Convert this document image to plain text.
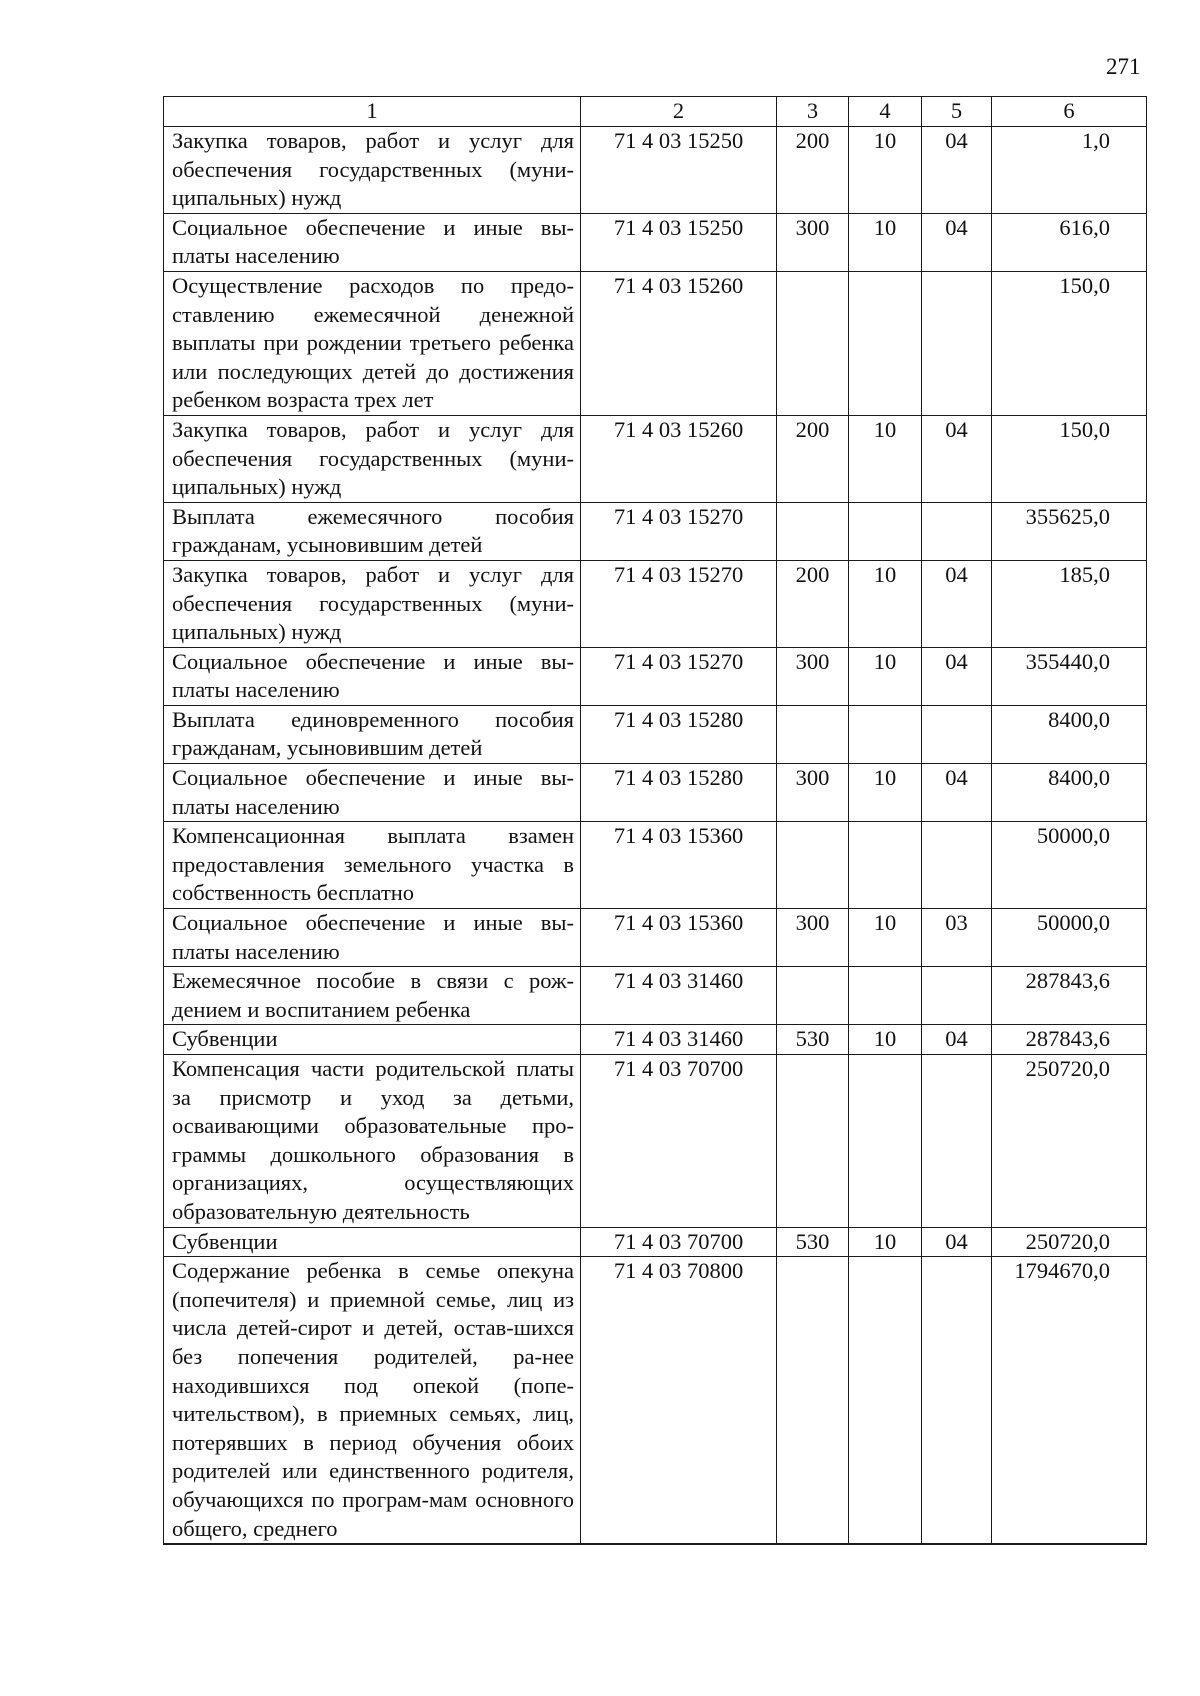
271
1	2	3	4	5	6
Закупка товаров, работ и услуг для обеспечения государственных (муни-ципальных) нужд	71 4 03 15250	200	10	04	1,0
Социальное обеспечение и иные вы-платы населению	71 4 03 15250	300	10	04	616,0
Осуществление расходов по предо-ставлению ежемесячной денежной выплаты при рождении третьего ребенка или последующих детей до достижения ребенком возраста трех лет	71 4 03 15260				150,0
Закупка товаров, работ и услуг для обеспечения государственных (муни-ципальных) нужд	71 4 03 15260	200	10	04	150,0
Выплата ежемесячного пособия гражданам, усыновившим детей	71 4 03 15270				355625,0
Закупка товаров, работ и услуг для обеспечения государственных (муни-ципальных) нужд	71 4 03 15270	200	10	04	185,0
Социальное обеспечение и иные вы-платы населению	71 4 03 15270	300	10	04	355440,0
Выплата единовременного пособия гражданам, усыновившим детей	71 4 03 15280				8400,0
Социальное обеспечение и иные вы-платы населению	71 4 03 15280	300	10	04	8400,0
Компенсационная выплата взамен предоставления земельного участка в собственность бесплатно	71 4 03 15360				50000,0
Социальное обеспечение и иные вы-платы населению	71 4 03 15360	300	10	03	50000,0
Ежемесячное пособие в связи с рож-дением и воспитанием ребенка	71 4 03 31460				287843,6
Субвенции	71 4 03 31460	530	10	04	287843,6
Компенсация части родительской платы за присмотр и уход за детьми, осваивающими образовательные про-граммы дошкольного образования в организациях, осуществляющих образовательную деятельность	71 4 03 70700				250720,0
Субвенции	71 4 03 70700	530	10	04	250720,0
Содержание ребенка в семье опекуна (попечителя) и приемной семье, лиц из числа детей-сирот и детей, остав-шихся без попечения родителей, ра-нее находившихся под опекой (попе-чительством), в приемных семьях, лиц, потерявших в период обучения обоих родителей или единственного родителя, обучающихся по програм-мам основного общего, среднего	71 4 03 70800				1794670,0
